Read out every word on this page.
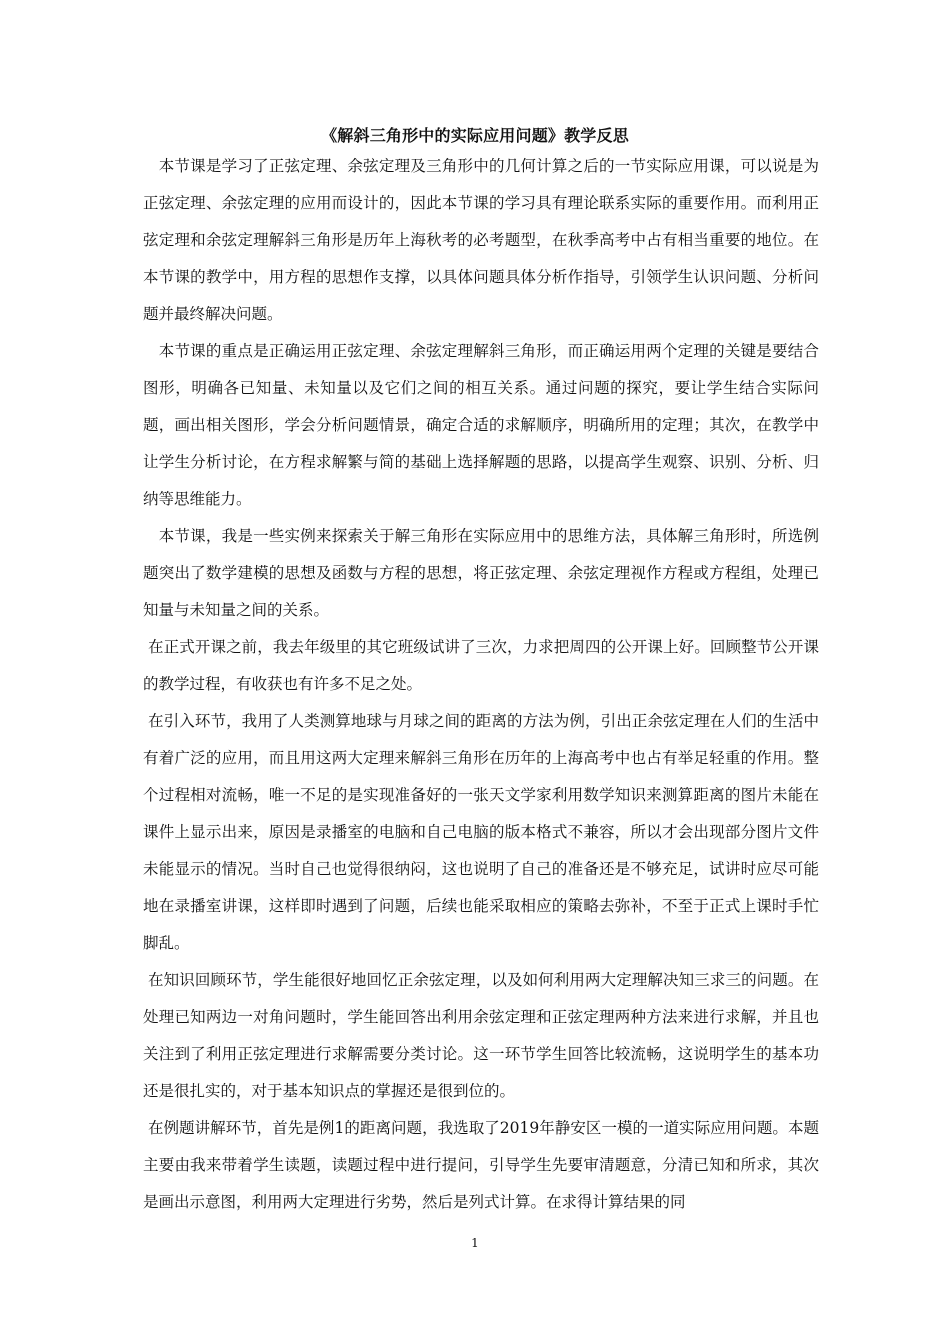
《解斜三角形中的实际应用问题》教学反思

　本节课是学习了正弦定理、余弦定理及三角形中的几何计算之后的一节实际应用课，可以说是为正弦定理、余弦定理的应用而设计的，因此本节课的学习具有理论联系实际的重要作用。而利用正弦定理和余弦定理解斜三角形是历年上海秋考的必考题型，在秋季高考中占有相当重要的地位。在本节课的教学中，用方程的思想作支撑，以具体问题具体分析作指导，引领学生认识问题、分析问题并最终解决问题。

　本节课的重点是正确运用正弦定理、余弦定理解斜三角形，而正确运用两个定理的关键是要结合图形，明确各已知量、未知量以及它们之间的相互关系。通过问题的探究，要让学生结合实际问题，画出相关图形，学会分析问题情景，确定合适的求解顺序，明确所用的定理；其次，在教学中让学生分析讨论，在方程求解繁与简的基础上选择解题的思路，以提高学生观察、识别、分析、归纳等思维能力。

　本节课，我是一些实例来探索关于解三角形在实际应用中的思维方法，具体解三角形时，所选例题突出了数学建模的思想及函数与方程的思想，将正弦定理、余弦定理视作方程或方程组，处理已知量与未知量之间的关系。

在正式开课之前，我去年级里的其它班级试讲了三次，力求把周四的公开课上好。回顾整节公开课的教学过程，有收获也有许多不足之处。

在引入环节，我用了人类测算地球与月球之间的距离的方法为例，引出正余弦定理在人们的生活中有着广泛的应用，而且用这两大定理来解斜三角形在历年的上海高考中也占有举足轻重的作用。整个过程相对流畅，唯一不足的是实现准备好的一张天文学家利用数学知识来测算距离的图片未能在课件上显示出来，原因是录播室的电脑和自己电脑的版本格式不兼容，所以才会出现部分图片文件未能显示的情况。当时自己也觉得很纳闷，这也说明了自己的准备还是不够充足，试讲时应尽可能地在录播室讲课，这样即时遇到了问题，后续也能采取相应的策略去弥补，不至于正式上课时手忙脚乱。

在知识回顾环节，学生能很好地回忆正余弦定理，以及如何利用两大定理解决知三求三的问题。在处理已知两边一对角问题时，学生能回答出利用余弦定理和正弦定理两种方法来进行求解，并且也关注到了利用正弦定理进行求解需要分类讨论。这一环节学生回答比较流畅，这说明学生的基本功还是很扎实的，对于基本知识点的掌握还是很到位的。

在例题讲解环节，首先是例1的距离问题，我选取了2019年静安区一模的一道实际应用问题。本题主要由我来带着学生读题，读题过程中进行提问，引导学生先要审清题意，分清已知和所求，其次是画出示意图，利用两大定理进行劣势，然后是列式计算。在求得计算结果的同

1
